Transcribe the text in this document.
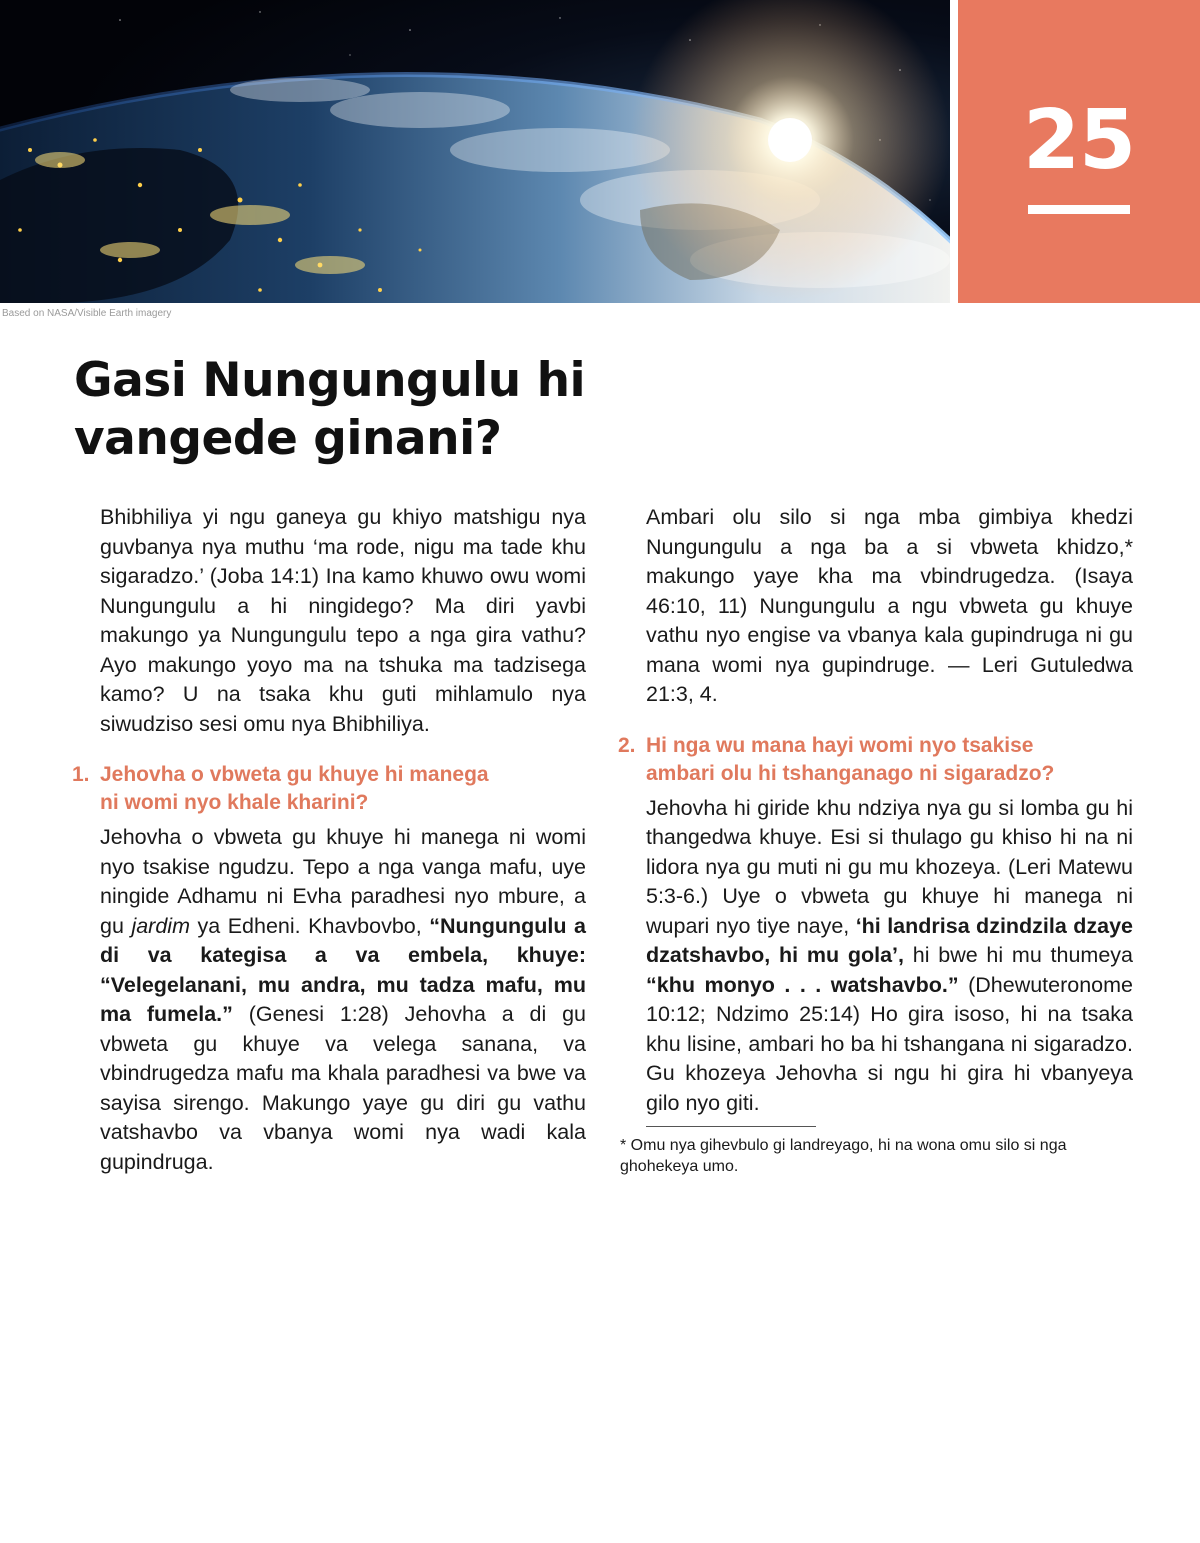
Based on NASA/Visible Earth imagery
25
Gasi Nungungulu hi
vangede ginani?

Bhibhiliya yi ngu ganeya gu khiyo matshigu nya guvbanya nya muthu ‘ma rode, nigu ma tade khu sigaradzo.’ (Joba 14:1) Ina kamo khuwo owu womi Nungungulu a hi ningidego? Ma diri yavbi makungo ya Nungungulu tepo a nga gira vathu? Ayo makungo yoyo ma na tshuka ma tadzisega kamo? U na tsaka khu guti mihlamulo nya siwudziso sesi omu nya Bhibhiliya.

1. Jehovha o vbweta gu khuye hi manega
ni womi nyo khale kharini?

Jehovha o vbweta gu khuye hi manega ni womi nyo tsakise ngudzu. Tepo a nga vanga mafu, uye ningide Adhamu ni Evha paradhesi nyo mbure, a gu jardim ya Edheni. Khavbovbo, “Nungungulu a di va kategisa a va embela, khuye: “Velegelanani, mu andra, mu tadza mafu, mu ma fumela.” (Genesi 1:28) Jehovha a di gu vbweta gu khuye va velega sanana, va vbindrugedza mafu ma khala paradhesi va bwe va sayisa sirengo. Makungo yaye gu diri gu vathu vatshavbo va vbanya womi nya wadi kala gupindruga.

Ambari olu silo si nga mba gimbiya khedzi Nungungulu a nga ba a si vbweta khidzo,* makungo yaye kha ma vbindrugedza. (Isaya 46:10, 11) Nungungulu a ngu vbweta gu khuye vathu nyo engise va vbanya kala gupindruga ni gu mana womi nya gupindruge. — Leri Gutuledwa 21:3, 4.

2. Hi nga wu mana hayi womi nyo tsakise
ambari olu hi tshanganago ni sigaradzo?

Jehovha hi giride khu ndziya nya gu si lomba gu hi thangedwa khuye. Esi si thulago gu khiso hi na ni lidora nya gu muti ni gu mu khozeya. (Leri Matewu 5:3-6.) Uye o vbweta gu khuye hi manega ni wupari nyo tiye naye, ‘hi landrisa dzindzila dzaye dzatshavbo, hi mu gola’, hi bwe hi mu thumeya “khu monyo . . . watshavbo.” (Dhewuteronome 10:12; Ndzimo 25:14) Ho gira isoso, hi na tsaka khu lisine, ambari ho ba hi tshangana ni sigaradzo. Gu khozeya Jehovha si ngu hi gira hi vbanyeya gilo nyo giti.

* Omu nya gihevbulo gi landreyago, hi na wona omu silo si nga ghohekeya umo.
